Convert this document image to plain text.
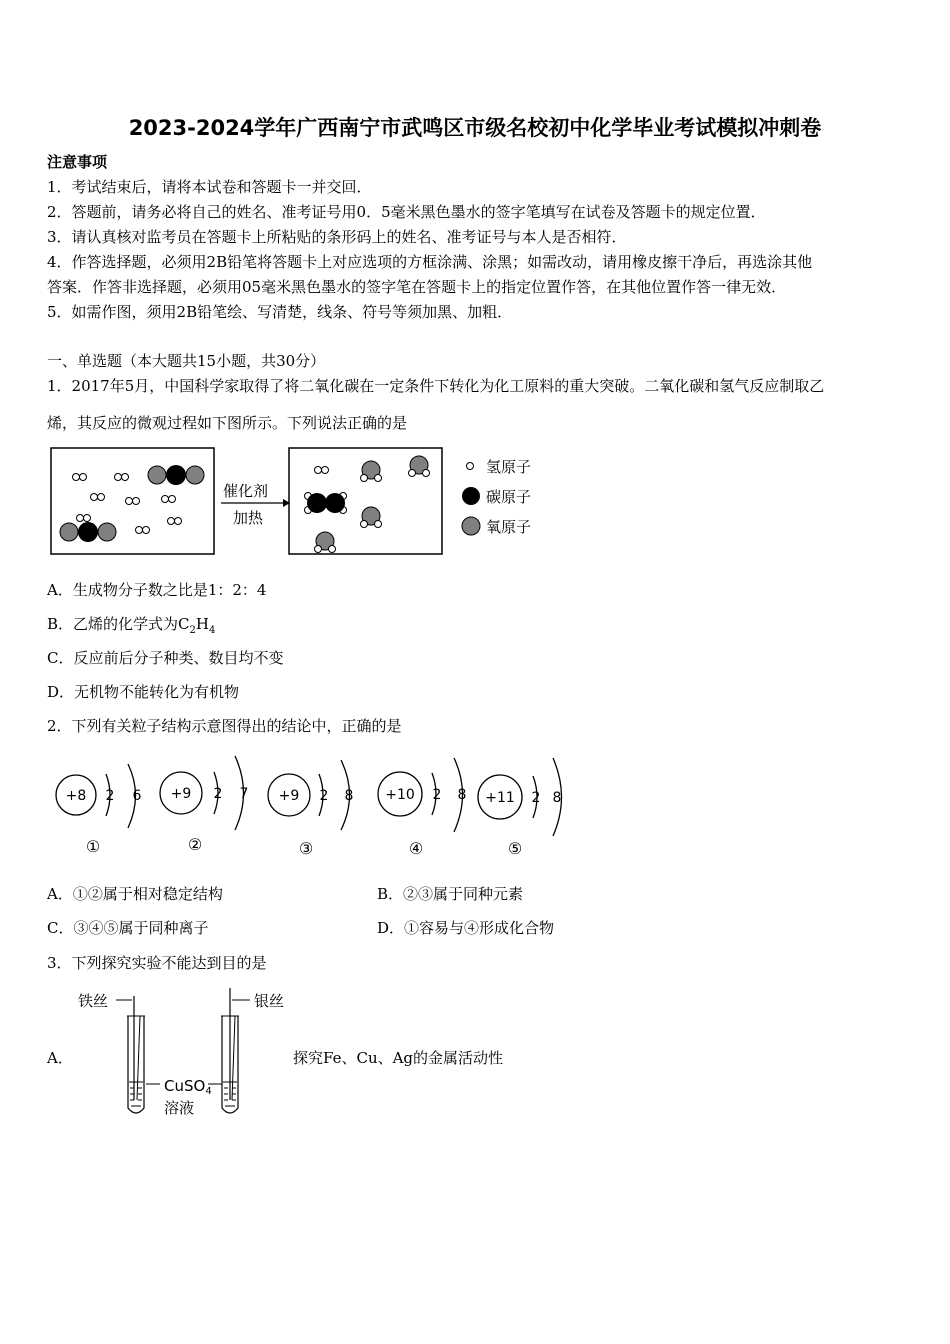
2023-2024学年广西南宁市武鸣区市级名校初中化学毕业考试模拟冲刺卷
注意事项
1．考试结束后，请将本试卷和答题卡一并交回．
2．答题前，请务必将自己的姓名、准考证号用0．5毫米黑色墨水的签字笔填写在试卷及答题卡的规定位置．
3．请认真核对监考员在答题卡上所粘贴的条形码上的姓名、准考证号与本人是否相符．
4．作答选择题，必须用2B铅笔将答题卡上对应选项的方框涂满、涂黑；如需改动，请用橡皮擦干净后，再选涂其他
答案．作答非选择题，必须用05毫米黑色墨水的签字笔在答题卡上的指定位置作答，在其他位置作答一律无效．
5．如需作图，须用2B铅笔绘、写清楚，线条、符号等须加黑、加粗．
一、单选题（本大题共15小题，共30分）
1．2017年5月，中国科学家取得了将二氧化碳在一定条件下转化为化工原料的重大突破。二氧化碳和氢气反应制取乙
烯，其反应的微观过程如下图所示。下列说法正确的是
催化剂
加热
氢原子
碳原子
氧原子
A．生成物分子数之比是1：2：4
B．乙烯的化学式为$C_2H_4$
C．反应前后分子种类、数目均不变
D．无机物不能转化为有机物
2．下列有关粒子结构示意图得出的结论中，正确的是
+8 2 6
①
+9 2 7
②
+9 2 8
③
+10 2 8
④
+11 2 8
⑤
A．①②属于相对稳定结构	B．②③属于同种元素
C．③④⑤属于同种离子	D．①容易与④形成化合物
3．下列探究实验不能达到目的是
A．
铁丝
CuSO$_4$
溶液
银丝
探究Fe、Cu、Ag的金属活动性
